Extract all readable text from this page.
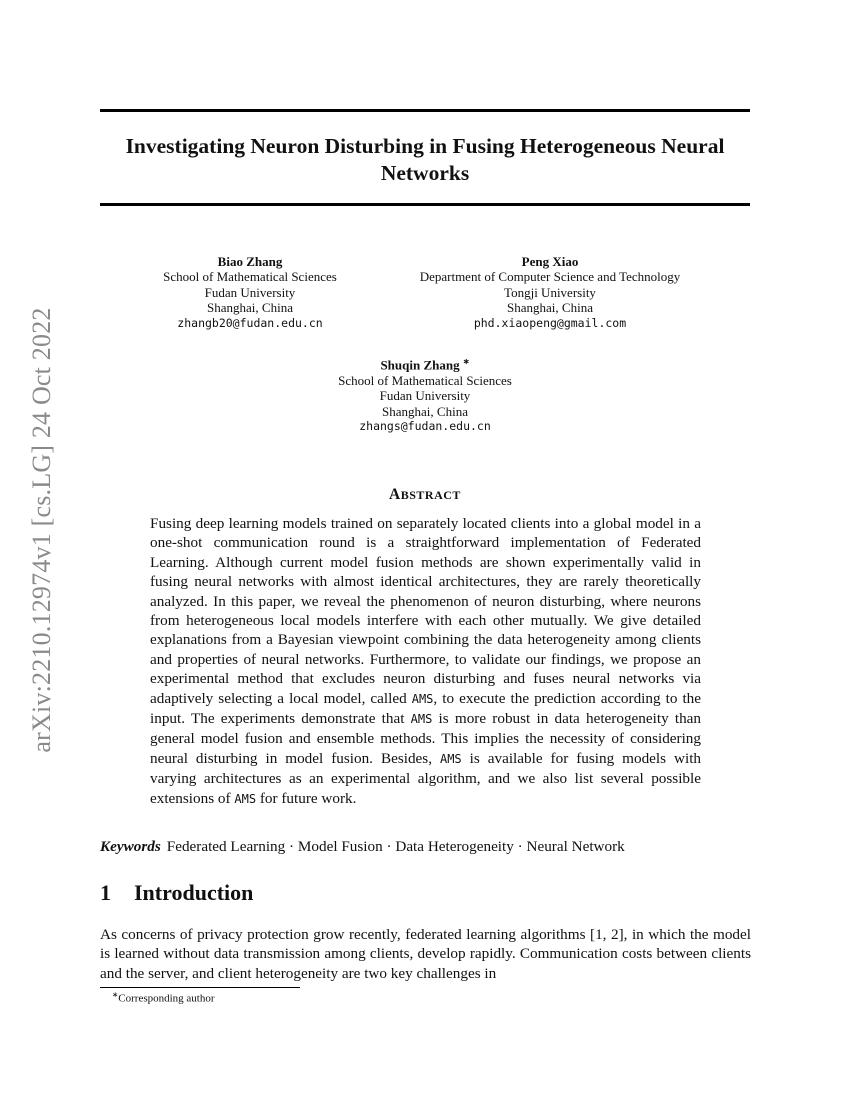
arXiv:2210.12974v1 [cs.LG] 24 Oct 2022
Investigating Neuron Disturbing in Fusing Heterogeneous Neural Networks
Biao Zhang
School of Mathematical Sciences
Fudan University
Shanghai, China
zhangb20@fudan.edu.cn
Peng Xiao
Department of Computer Science and Technology
Tongji University
Shanghai, China
phd.xiaopeng@gmail.com
Shuqin Zhang ∗
School of Mathematical Sciences
Fudan University
Shanghai, China
zhangs@fudan.edu.cn
ABSTRACT
Fusing deep learning models trained on separately located clients into a global model in a one-shot communication round is a straightforward implementation of Federated Learning. Although current model fusion methods are shown experimentally valid in fusing neural networks with almost identical architectures, they are rarely theoretically analyzed. In this paper, we reveal the phenomenon of neuron disturbing, where neurons from heterogeneous local models interfere with each other mutually. We give detailed explanations from a Bayesian viewpoint combining the data heterogeneity among clients and properties of neural networks. Furthermore, to validate our findings, we propose an experimental method that excludes neuron disturbing and fuses neural networks via adaptively selecting a local model, called AMS, to execute the prediction according to the input. The experiments demonstrate that AMS is more robust in data heterogeneity than general model fusion and ensemble methods. This implies the necessity of considering neural disturbing in model fusion. Besides, AMS is available for fusing models with varying architectures as an experimental algorithm, and we also list several possible extensions of AMS for future work.
Keywords Federated Learning · Model Fusion · Data Heterogeneity · Neural Network
1 Introduction
As concerns of privacy protection grow recently, federated learning algorithms [1, 2], in which the model is learned without data transmission among clients, develop rapidly. Communication costs between clients and the server, and client heterogeneity are two key challenges in
∗Corresponding author
